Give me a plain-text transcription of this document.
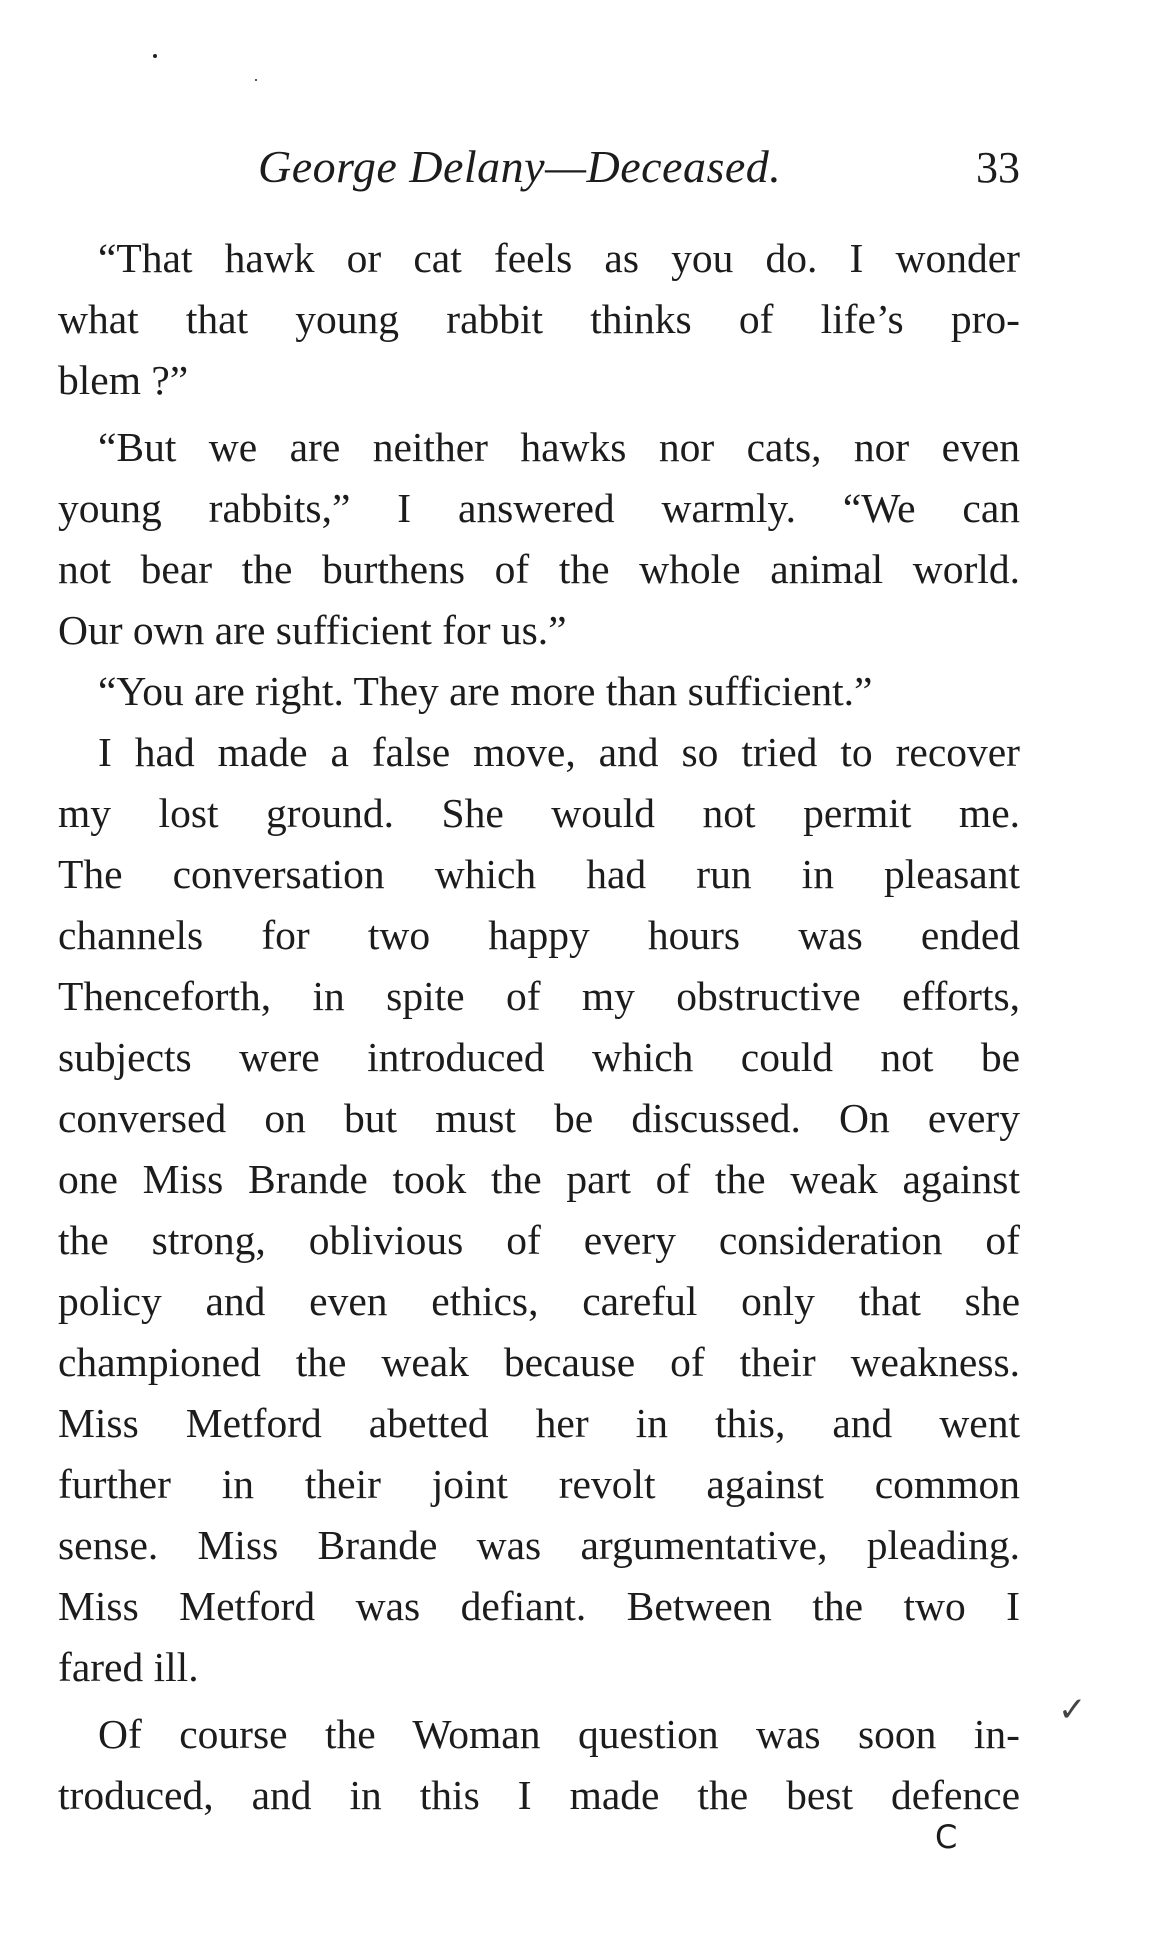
George Delany—Deceased.	33
“That hawk or cat feels as you do. I wonder
what that young rabbit thinks of life’s pro-
blem ?”
“But we are neither hawks nor cats, nor even
young rabbits,” I answered warmly. “We can
not bear the burthens of the whole animal world.
Our own are sufficient for us.”
“You are right. They are more than sufficient.”
I had made a false move, and so tried to recover
my lost ground. She would not permit me.
The conversation which had run in pleasant
channels for two happy hours was ended
Thenceforth, in spite of my obstructive efforts,
subjects were introduced which could not be
conversed on but must be discussed. On every
one Miss Brande took the part of the weak against
the strong, oblivious of every consideration of
policy and even ethics, careful only that she
championed the weak because of their weakness.
Miss Metford abetted her in this, and went
further in their joint revolt against common
sense. Miss Brande was argumentative, pleading.
Miss Metford was defiant. Between the two I
fared ill.
Of course the Woman question was soon in-
troduced, and in this I made the best defence
✓
C
